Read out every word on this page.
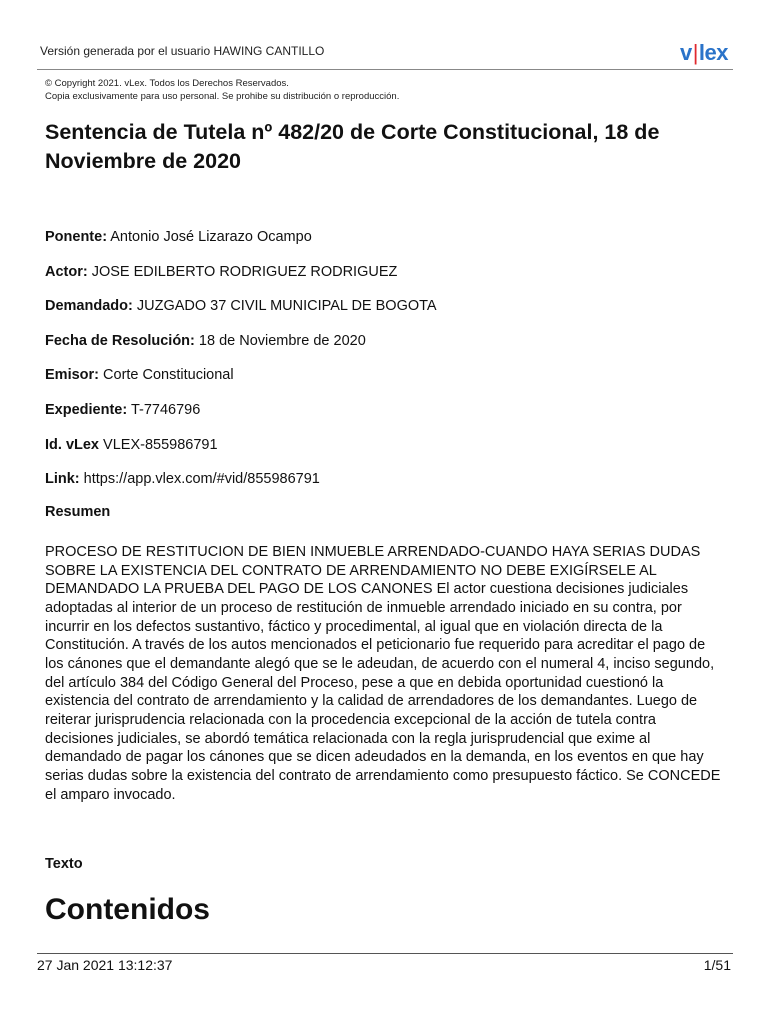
Versión generada por el usuario HAWING CANTILLO	v|lex
© Copyright 2021. vLex. Todos los Derechos Reservados.
Copia exclusivamente para uso personal. Se prohibe su distribución o reproducción.
Sentencia de Tutela nº 482/20 de Corte Constitucional, 18 de Noviembre de 2020
Ponente: Antonio José Lizarazo Ocampo
Actor: JOSE EDILBERTO RODRIGUEZ RODRIGUEZ
Demandado: JUZGADO 37 CIVIL MUNICIPAL DE BOGOTA
Fecha de Resolución: 18 de Noviembre de 2020
Emisor: Corte Constitucional
Expediente: T-7746796
Id. vLex VLEX-855986791
Link: https://app.vlex.com/#vid/855986791
Resumen

PROCESO DE RESTITUCION DE BIEN INMUEBLE ARRENDADO-CUANDO HAYA SERIAS DUDAS SOBRE LA EXISTENCIA DEL CONTRATO DE ARRENDAMIENTO NO DEBE EXIGÍRSELE AL DEMANDADO LA PRUEBA DEL PAGO DE LOS CANONES El actor cuestiona decisiones judiciales adoptadas al interior de un proceso de restitución de inmueble arrendado iniciado en su contra, por incurrir en los defectos sustantivo, fáctico y procedimental, al igual que en violación directa de la Constitución. A través de los autos mencionados el peticionario fue requerido para acreditar el pago de los cánones que el demandante alegó que se le adeudan, de acuerdo con el numeral 4, inciso segundo, del artículo 384 del Código General del Proceso, pese a que en debida oportunidad cuestionó la existencia del contrato de arrendamiento y la calidad de arrendadores de los demandantes. Luego de reiterar jurisprudencia relacionada con la procedencia excepcional de la acción de tutela contra decisiones judiciales, se abordó temática relacionada con la regla jurisprudencial que exime al demandado de pagar los cánones que se dicen adeudados en la demanda, en los eventos en que hay serias dudas sobre la existencia del contrato de arrendamiento como presupuesto fáctico. Se CONCEDE el amparo invocado.

Texto
Contenidos
27 Jan 2021 13:12:37	1/51
